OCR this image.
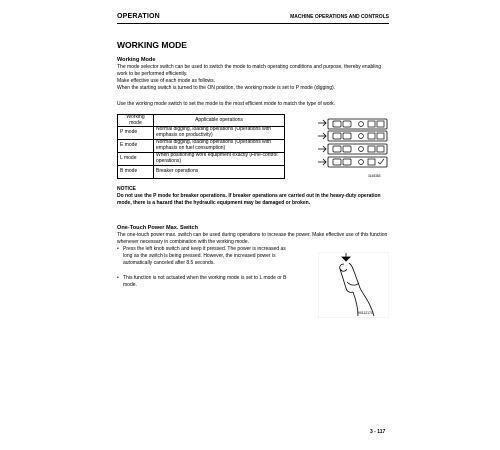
OPERATION	MACHINE OPERATIONS AND CONTROLS
WORKING MODE
Working Mode
The mode selector switch can be used to switch the mode to match operating conditions and purpose, thereby enabling work to be performed efficiently.
Make effective use of each mode as follows.
When the starting switch is turned to the ON position, the working mode is set to P mode (digging).
Use the working mode switch to set the mode to the most efficient mode to match the type of work.
Working mode	Applicable operations
P mode	Normal digging, loading operations (Operations with emphasis on productivity)
E mode	Normal digging, loading operations (Operations with emphasis on fuel consumption)
L mode	When positioning work equipment exactly (Fine-control operations)
B mode	Breaker operations
3148383
NOTICE
Do not use the P mode for breaker operations. If breaker operations are carried out in the heavy-duty operation mode, there is a hazard that the hydraulic equipment may be damaged or broken.
One-Touch Power Max. Switch
The one-touch power max. switch can be used during operations to increase the power. Make effective use of this function whenever necessary in combination with the working mode.
• Press the left knob switch and keep it pressed. The power is increased as long as the switch is being pressed. However, the increased power is automatically canceled after 8.5 seconds.
• This function is not actuated when the working mode is set to L mode or B mode.
9011217G
3 - 117
